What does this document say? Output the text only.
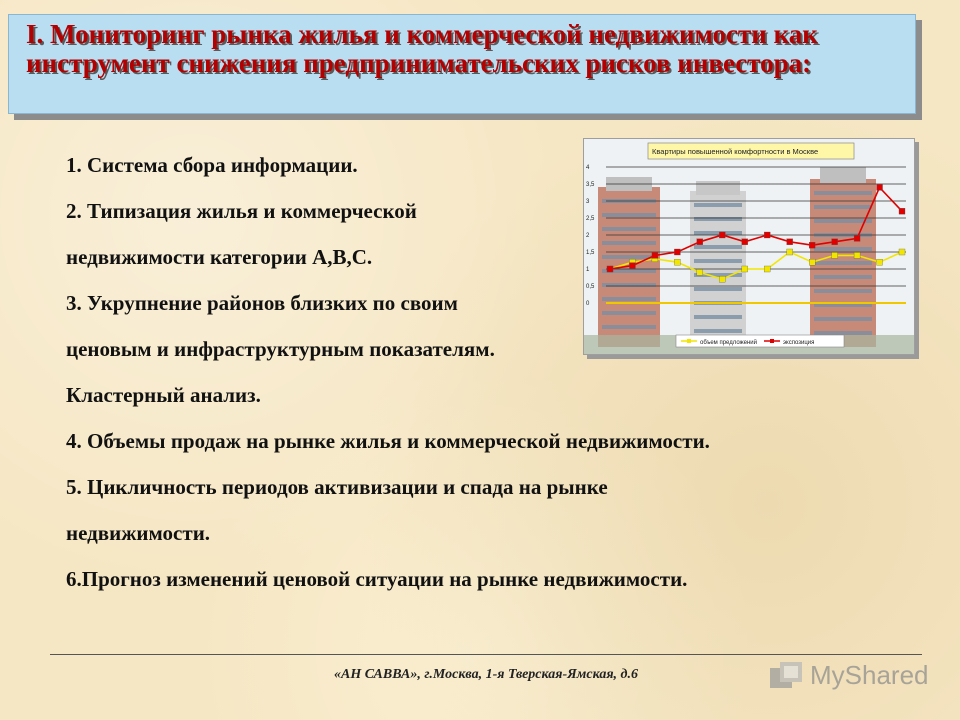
I. Мониторинг рынка жилья и коммерческой недвижимости как инструмент снижения предпринимательских рисков инвестора:
Квартиры повышенной комфортности в Москве
0
0,5
1
1,5
2
2,5
3
3,5
4
объем предложений	экспозиция
1. Система сбора информации.
2. Типизация жилья и коммерческой
недвижимости категории А,В,С.
3. Укрупнение районов близких по своим
ценовым и инфраструктурным показателям.
Кластерный анализ.
4. Объемы продаж на рынке жилья и коммерческой недвижимости.
5. Цикличность периодов активизации и спада на рынке
недвижимости.
6.Прогноз изменений ценовой ситуации на рынке недвижимости.
«АН САВВА», г.Москва, 1-я Тверская-Ямская, д.6	MyShared
